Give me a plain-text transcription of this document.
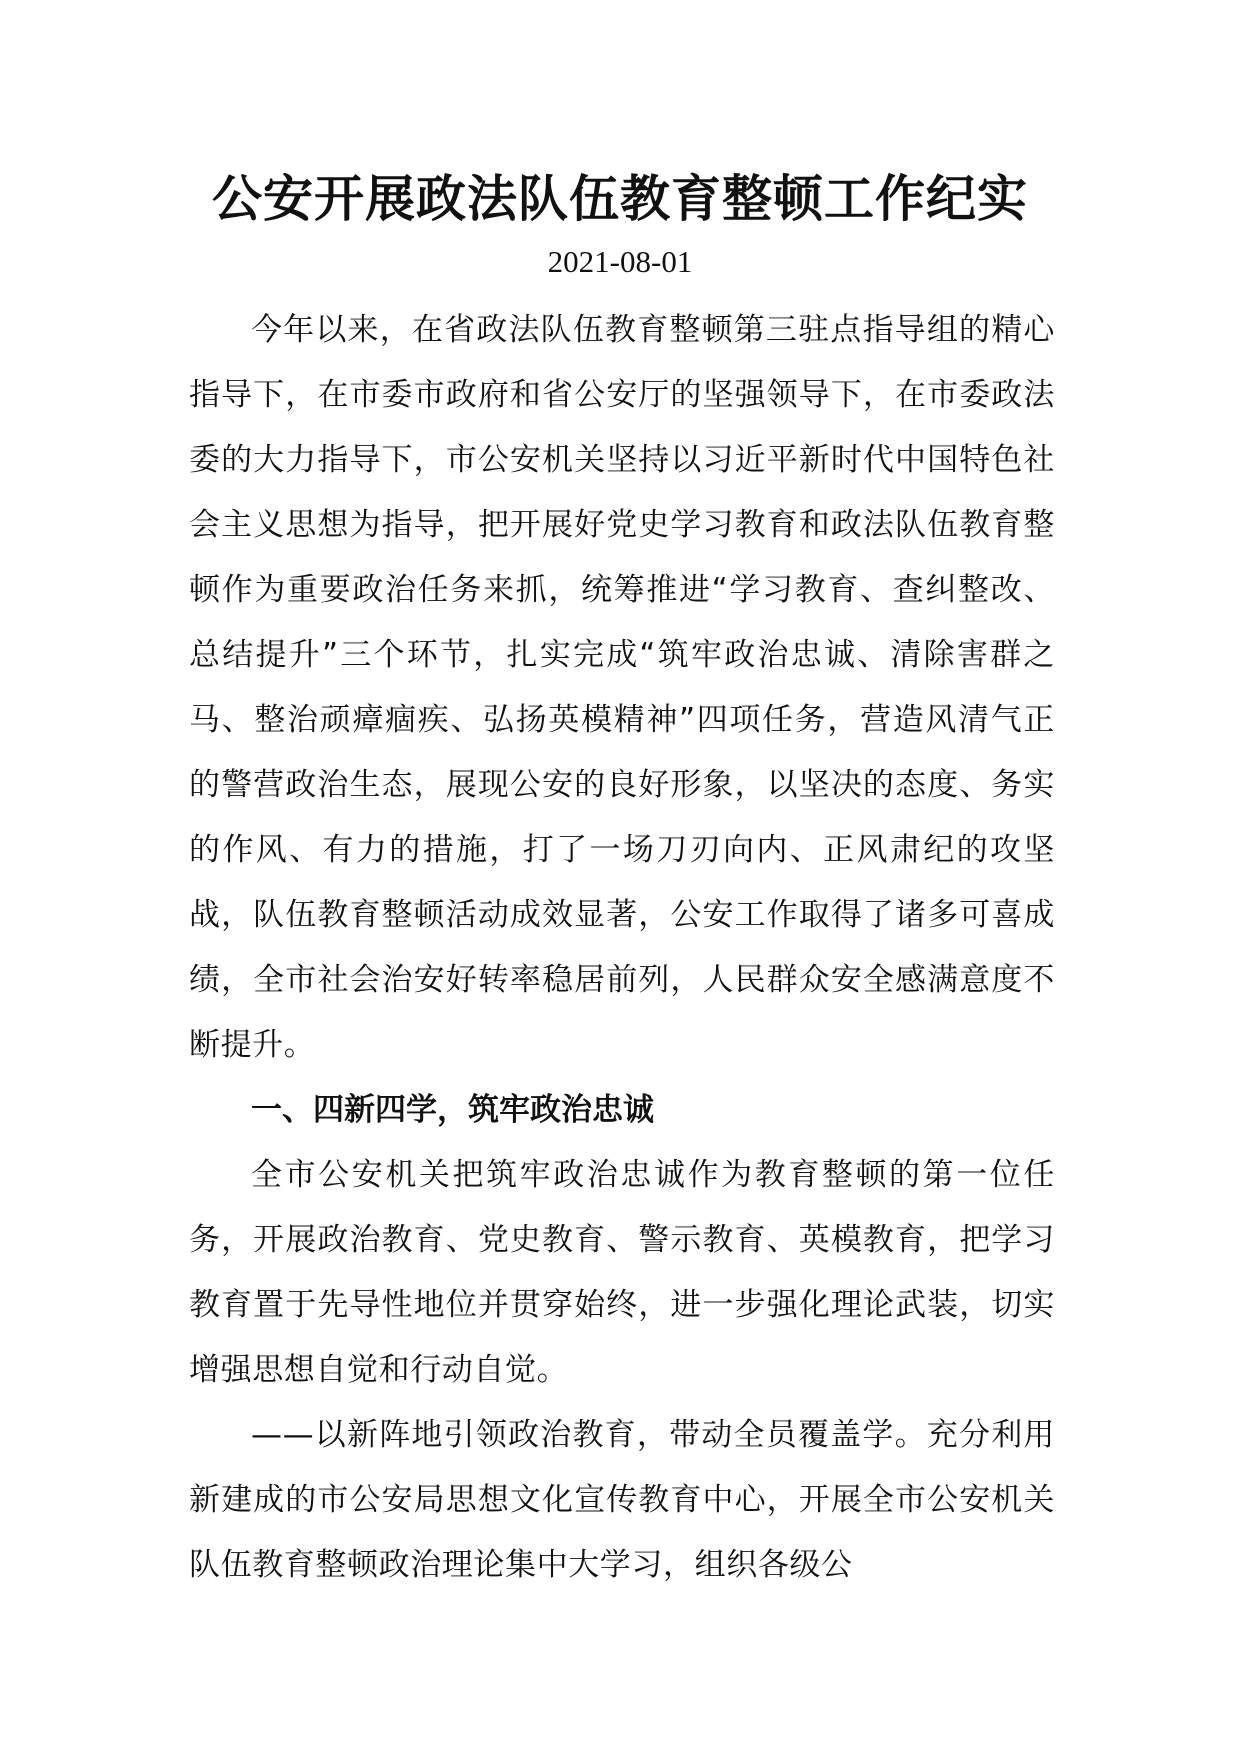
公安开展政法队伍教育整顿工作纪实
2021-08-01

今年以来，在省政法队伍教育整顿第三驻点指导组的精心指导下，在市委市政府和省公安厅的坚强领导下，在市委政法委的大力指导下，市公安机关坚持以习近平新时代中国特色社会主义思想为指导，把开展好党史学习教育和政法队伍教育整顿作为重要政治任务来抓，统筹推进“学习教育、查纠整改、总结提升”三个环节，扎实完成“筑牢政治忠诚、清除害群之马、整治顽瘴痼疾、弘扬英模精神”四项任务，营造风清气正的警营政治生态，展现公安的良好形象，以坚决的态度、务实的作风、有力的措施，打了一场刀刃向内、正风肃纪的攻坚战，队伍教育整顿活动成效显著，公安工作取得了诸多可喜成绩，全市社会治安好转率稳居前列，人民群众安全感满意度不断提升。

一、四新四学，筑牢政治忠诚

全市公安机关把筑牢政治忠诚作为教育整顿的第一位任务，开展政治教育、党史教育、警示教育、英模教育，把学习教育置于先导性地位并贯穿始终，进一步强化理论武装，切实增强思想自觉和行动自觉。

——以新阵地引领政治教育，带动全员覆盖学。充分利用新建成的市公安局思想文化宣传教育中心，开展全市公安机关队伍教育整顿政治理论集中大学习，组织各级公
